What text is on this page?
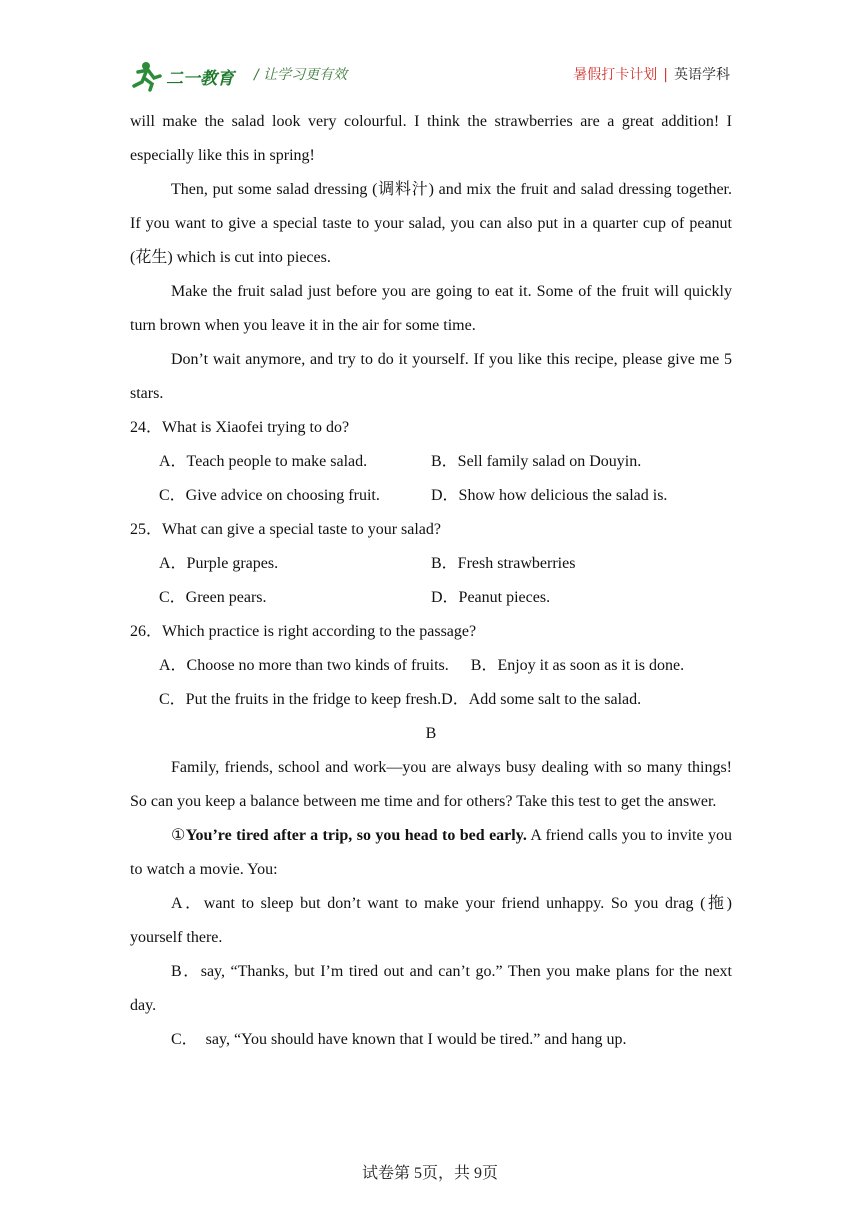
二一教育 / 让学习更有效	暑假打卡计划 | 英语学科

will make the salad look very colourful. I think the strawberries are a great addition! I especially like this in spring!

Then, put some salad dressing (调料汁) and mix the fruit and salad dressing together. If you want to give a special taste to your salad, you can also put in a quarter cup of peanut (花生) which is cut into pieces.

Make the fruit salad just before you are going to eat it. Some of the fruit will quickly turn brown when you leave it in the air for some time.

Don’t wait anymore, and try to do it yourself. If you like this recipe, please give me 5 stars.

24．What is Xiaofei trying to do?

A．Teach people to make salad.	B．Sell family salad on Douyin.
C．Give advice on choosing fruit.	D．Show how delicious the salad is.

25．What can give a special taste to your salad?

A．Purple grapes.	B．Fresh strawberries
C．Green pears.	D．Peanut pieces.

26．Which practice is right according to the passage?

A．Choose no more than two kinds of fruits. B．Enjoy it as soon as it is done.
C．Put the fruits in the fridge to keep fresh. D．Add some salt to the salad.

B

Family, friends, school and work—you are always busy dealing with so many things! So can you keep a balance between me time and for others? Take this test to get the answer.

①You’re tired after a trip, so you head to bed early. A friend calls you to invite you to watch a movie. You:

A．want to sleep but don’t want to make your friend unhappy. So you drag (拖) yourself there.

B．say, “Thanks, but I’m tired out and can’t go.” Then you make plans for the next day.

C．  say, “You should have known that I would be tired.” and hang up.

试卷第 5页，共 9页
